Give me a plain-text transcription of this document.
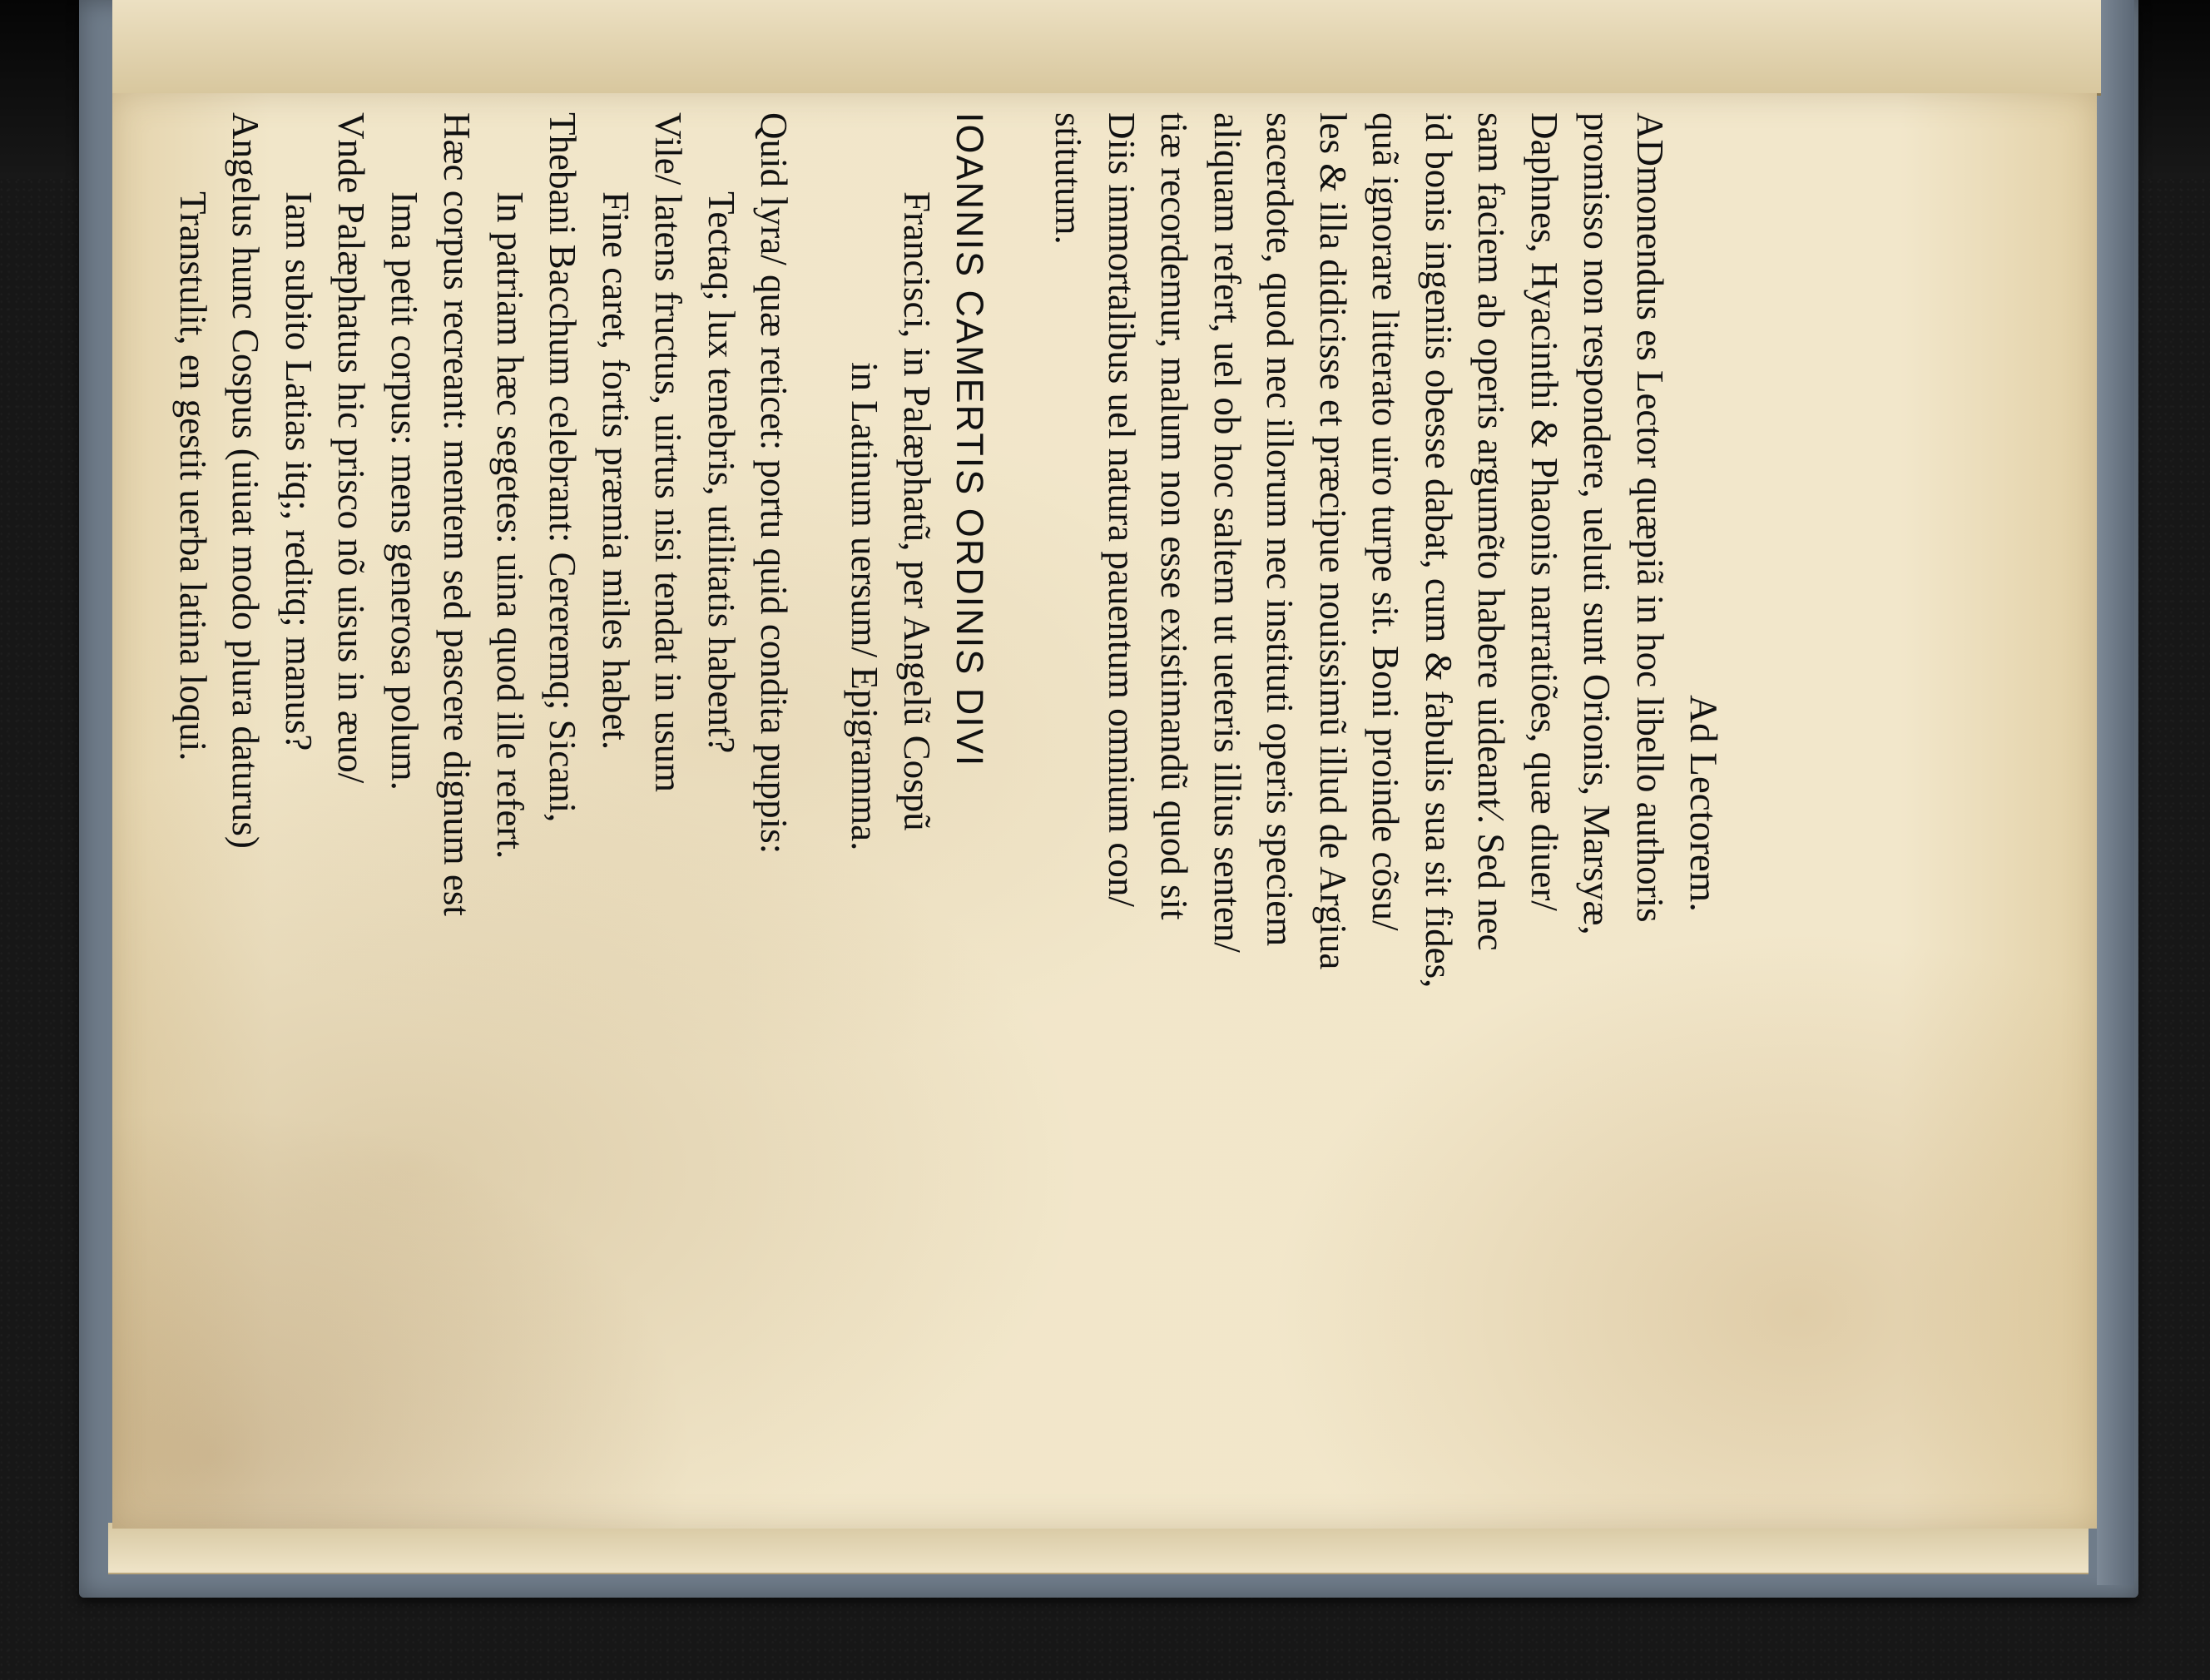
Ad Lectorem.
ADmonendus es Lector quæpiã in hoc libello authoris
promisso non respondere, ueluti sunt Orionis, Marsyæ,
Daphnes, Hyacinthi & Phaonis narratiões, quæ diuer/
sam faciem ab operis argumẽto habere uideant⁄. Sed nec
id bonis ingeniis obesse dabat, cum & fabulis sua sit fides,
quã ignorare litterato uiro turpe sit. Boni proinde cõsu/
les & illa didicisse et præcipue nouissimũ illud de Argiua
sacerdote, quod nec illorum nec instituti operis speciem
aliquam refert, uel ob hoc saltem ut ueteris illius senten/
tiæ recordemur, malum non esse existimandũ quod sit
Diis immortalibus uel natura pauentum omnium con/
stitutum.
IOANNIS CAMERTIS ORDINIS DIVI
Francisci, in Palæphatũ, per Angelũ Cospũ
in Latinum uersum/ Epigramma.
Quid lyra/ quæ reticet: portu quid condita puppis:
Tectaq; lux tenebris, utilitatis habent?
Vile/ latens fructus, uirtus nisi tendat in usum
Fine caret, fortis præmia miles habet.
Thebani Bacchum celebrant: Cereremq; Sicani,
In patriam hæc segetes: uina quod ille refert.
Hæc corpus recreant: mentem sed pascere dignum est
Ima petit corpus: mens generosa polum.
Vnde Palæphatus hic prisco nõ uisus in æuo/
Iam subito Latias itq;, reditq; manus?
Angelus hunc Cospus (uiuat modo plura daturus)
Transtulit, en gestit uerba latina loqui.
